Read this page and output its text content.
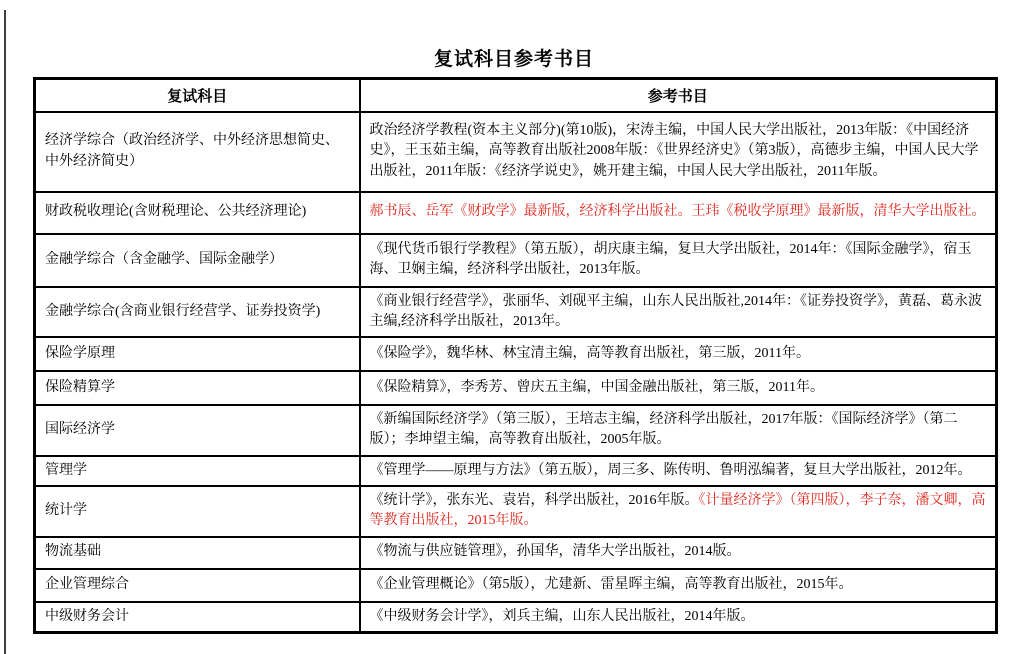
复试科目参考书目
复试科目	参考书目
经济学综合（政治经济学、中外经济思想简史、中外经济简史）	政治经济学教程(资本主义部分)(第10版)，宋涛主编，中国人民大学出版社，2013年版：《中国经济史》，王玉茹主编，高等教育出版社2008年版：《世界经济史》（第3版），高德步主编，中国人民大学出版社，2011年版：《经济学说史》，姚开建主编，中国人民大学出版社，2011年版。
财政税收理论(含财税理论、公共经济理论)	郝书辰、岳军《财政学》最新版，经济科学出版社。王玮《税收学原理》最新版，清华大学出版社。
金融学综合（含金融学、国际金融学）	《现代货币银行学教程》（第五版），胡庆康主编，复旦大学出版社，2014年：《国际金融学》，宿玉海、卫娴主编，经济科学出版社，2013年版。
金融学综合(含商业银行经营学、证券投资学)	《商业银行经营学》，张丽华、刘砚平主编，山东人民出版社,2014年：《证券投资学》，黄磊、葛永波主编,经济科学出版社，2013年。
保险学原理	《保险学》，魏华林、林宝清主编，高等教育出版社，第三版，2011年。
保险精算学	《保险精算》，李秀芳、曾庆五主编，中国金融出版社，第三版，2011年。
国际经济学	《新编国际经济学》（第三版），王培志主编，经济科学出版社，2017年版：《国际经济学》（第二版）；李坤望主编，高等教育出版社，2005年版。
管理学	《管理学——原理与方法》（第五版），周三多、陈传明、鲁明泓编著，复旦大学出版社，2012年。
统计学	《统计学》，张东光、袁岩，科学出版社，2016年版。《计量经济学》（第四版），李子奈，潘文卿，高等教育出版社，2015年版。
物流基础	《物流与供应链管理》，孙国华，清华大学出版社，2014版。
企业管理综合	《企业管理概论》（第5版），尤建新、雷星晖主编，高等教育出版社，2015年。
中级财务会计	《中级财务会计学》，刘兵主编，山东人民出版社，2014年版。
